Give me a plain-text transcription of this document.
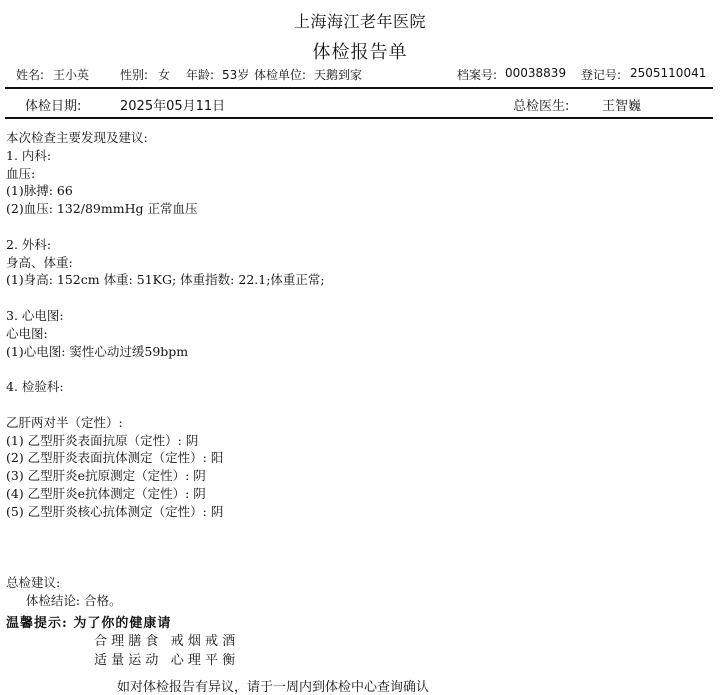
上海海江老年医院
体检报告单
姓名: 王小英	性别: 女 年龄: 53岁 体检单位: 天鹅到家	档案号: 00038839 登记号: 2505110041
体检日期:	2025年05月11日	总检医生:	王智巍
本次检查主要发现及建议:
1. 内科:
血压:
(1)脉搏: 66
(2)血压: 132/89mmHg 正常血压
2. 外科:
身高、体重:
(1)身高: 152cm 体重: 51KG; 体重指数: 22.1;体重正常;
3. 心电图:
心电图:
(1)心电图: 窦性心动过缓59bpm
4. 检验科:
乙肝两对半（定性）:
(1) 乙型肝炎表面抗原（定性）: 阴
(2) 乙型肝炎表面抗体测定（定性）: 阳
(3) 乙型肝炎e抗原测定（定性）: 阴
(4) 乙型肝炎e抗体测定（定性）: 阴
(5) 乙型肝炎核心抗体测定（定性）: 阴
总检建议:
体检结论: 合格。
温馨提示: 为了你的健康请
合 理 膳 食   戒 烟 戒 酒
适 量 运 动   心 理 平 衡
如对体检报告有异议，请于一周内到体检中心查询确认
